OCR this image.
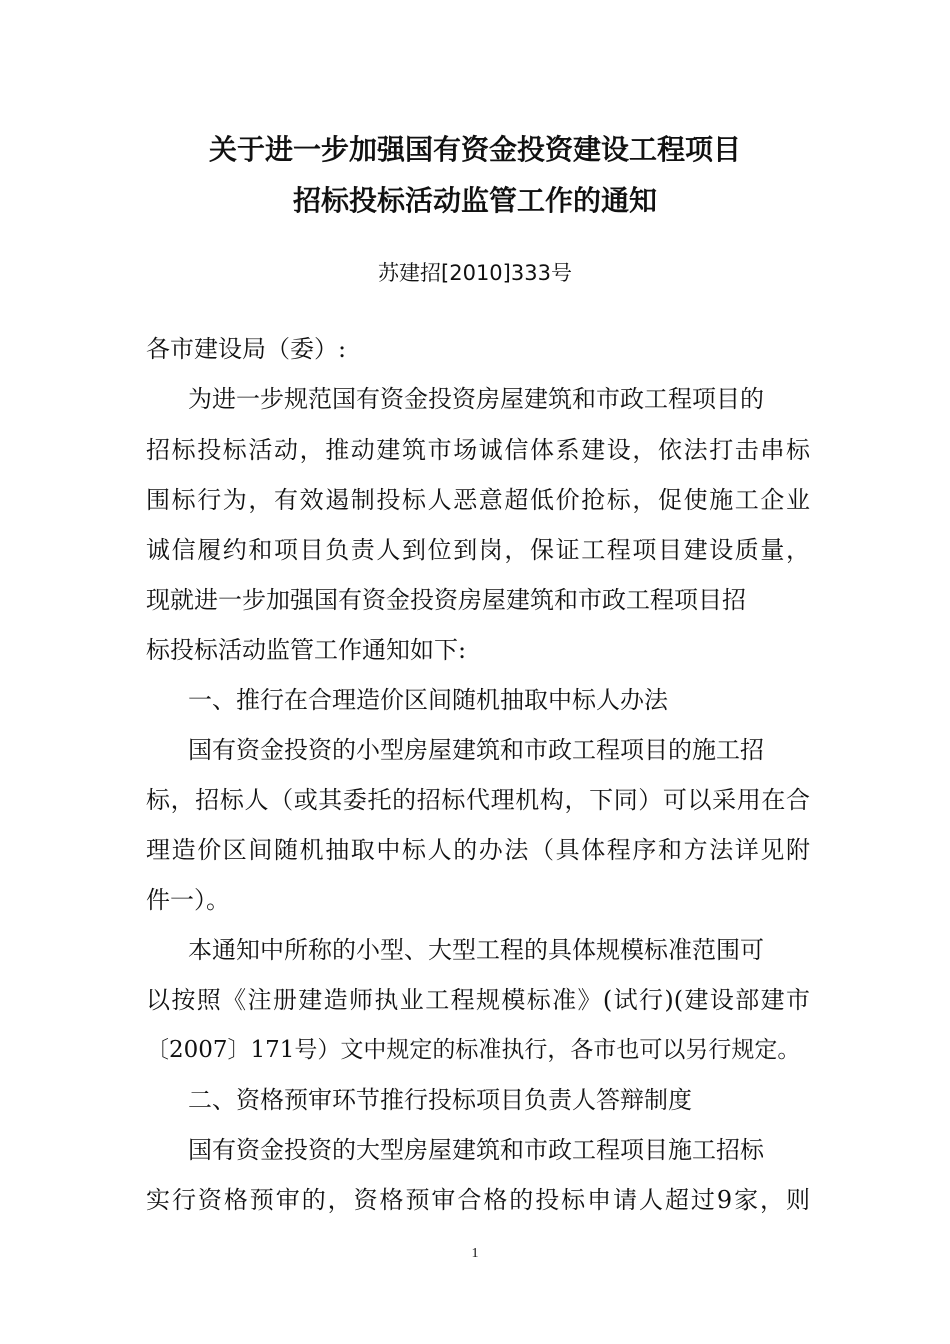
关于进一步加强国有资金投资建设工程项目
招标投标活动监管工作的通知
苏建招[2010]333号
各市建设局（委）:
为进一步规范国有资金投资房屋建筑和市政工程项目的
招标投标活动，推动建筑市场诚信体系建设，依法打击串标
围标行为，有效遏制投标人恶意超低价抢标，促使施工企业
诚信履约和项目负责人到位到岗，保证工程项目建设质量，
现就进一步加强国有资金投资房屋建筑和市政工程项目招
标投标活动监管工作通知如下:
一、推行在合理造价区间随机抽取中标人办法
国有资金投资的小型房屋建筑和市政工程项目的施工招
标，招标人（或其委托的招标代理机构，下同）可以采用在合
理造价区间随机抽取中标人的办法（具体程序和方法详见附
件一）。
本通知中所称的小型、大型工程的具体规模标准范围可
以按照《注册建造师执业工程规模标准》(试行)(建设部建市
〔2007〕171号）文中规定的标准执行，各市也可以另行规定。
二、资格预审环节推行投标项目负责人答辩制度
国有资金投资的大型房屋建筑和市政工程项目施工招标
实行资格预审的，资格预审合格的投标申请人超过9家，则
1
